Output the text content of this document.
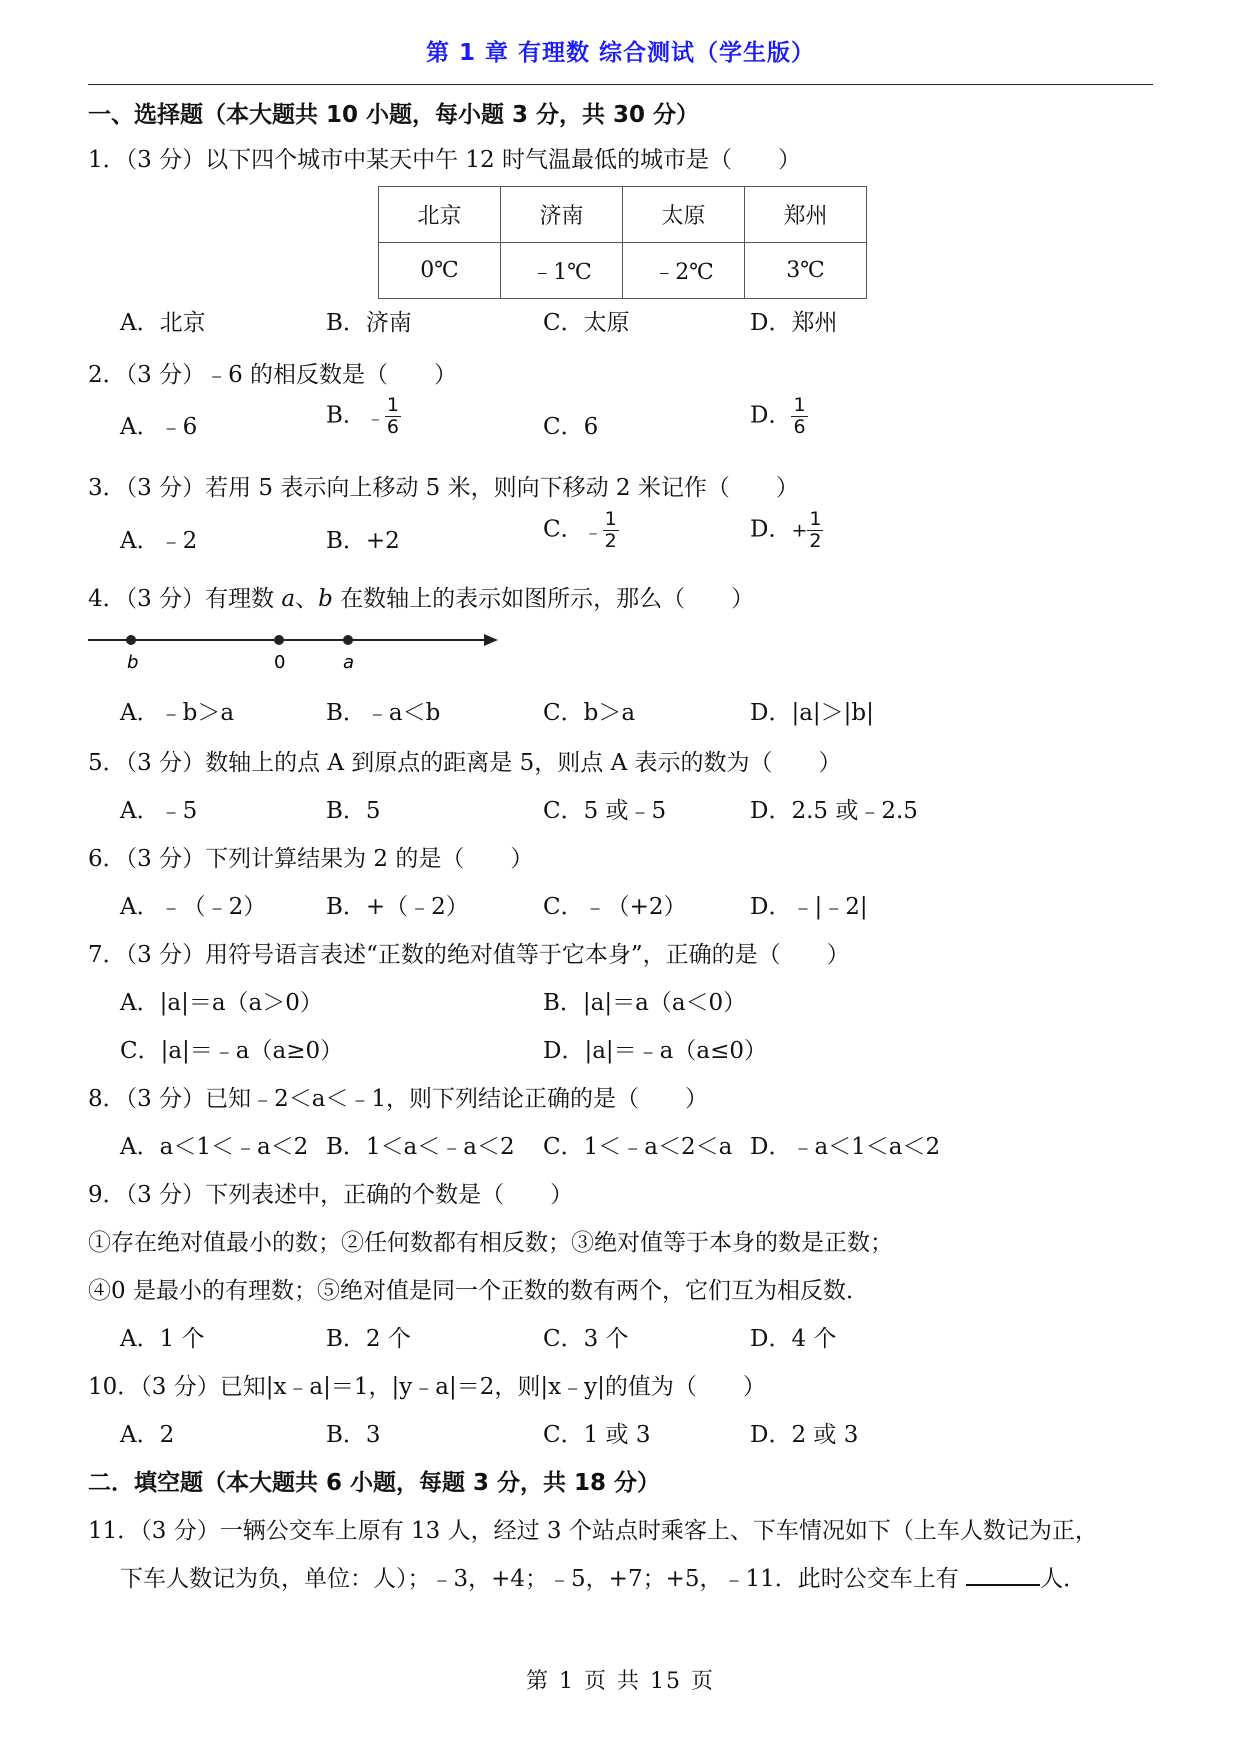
第 1 章 有理数 综合测试（学生版）
一、选择题（本大题共 10 小题，每小题 3 分，共 30 分）
1．（3 分）以下四个城市中某天中午 12 时气温最低的城市是（　　）
北京	济南	太原	郑州
0℃	﹣1℃	﹣2℃	3℃
A．北京	B．济南	C．太原	D．郑州
2．（3 分）﹣6 的相反数是（　　）
A．﹣6	B．﹣ $\frac{1}{6}$	C．6	D． $\frac{1}{6}$
3．（3 分）若用 5 表示向上移动 5 米，则向下移动 2 米记作（　　）
A．﹣2	B．+2	C．﹣ $\frac{1}{2}$	D．+ $\frac{1}{2}$
4．（3 分）有理数 a、b 在数轴上的表示如图所示，那么（　　）
b	0	a
A．﹣b＞a	B．﹣a＜b	C．b＞a	D．|a|＞|b|
5．（3 分）数轴上的点 A 到原点的距离是 5，则点 A 表示的数为（　　）
A．﹣5	B．5	C．5 或﹣5	D．2.5 或﹣2.5
6．（3 分）下列计算结果为 2 的是（　　）
A．﹣（﹣2）	B．+（﹣2）	C．﹣（+2）	D．﹣|﹣2|
7．（3 分）用符号语言表述“正数的绝对值等于它本身”，正确的是（　　）
A．|a|＝a（a＞0）	B．|a|＝a（a＜0）
C．|a|＝﹣a（a≥0）	D．|a|＝﹣a（a≤0）
8．（3 分）已知﹣2＜a＜﹣1，则下列结论正确的是（　　）
A．a＜1＜﹣a＜2 B．1＜a＜﹣a＜2 C．1＜﹣a＜2＜a D．﹣a＜1＜a＜2
9．（3 分）下列表述中，正确的个数是（　　）
①存在绝对值最小的数；②任何数都有相反数；③绝对值等于本身的数是正数；
④0 是最小的有理数；⑤绝对值是同一个正数的数有两个，它们互为相反数．
A．1 个	B．2 个	C．3 个	D．4 个
10．（3 分）已知|x﹣a|＝1，|y﹣a|＝2，则|x﹣y|的值为（　　）
A．2	B．3	C．1 或 3	D．2 或 3
二．填空题（本大题共 6 小题，每题 3 分，共 18 分）
11．（3 分）一辆公交车上原有 13 人，经过 3 个站点时乘客上、下车情况如下（上车人数记为正，
下车人数记为负，单位：人）；﹣3，+4；﹣5，+7；+5，﹣11．此时公交车上有	人．
第 1 页 共 15 页
